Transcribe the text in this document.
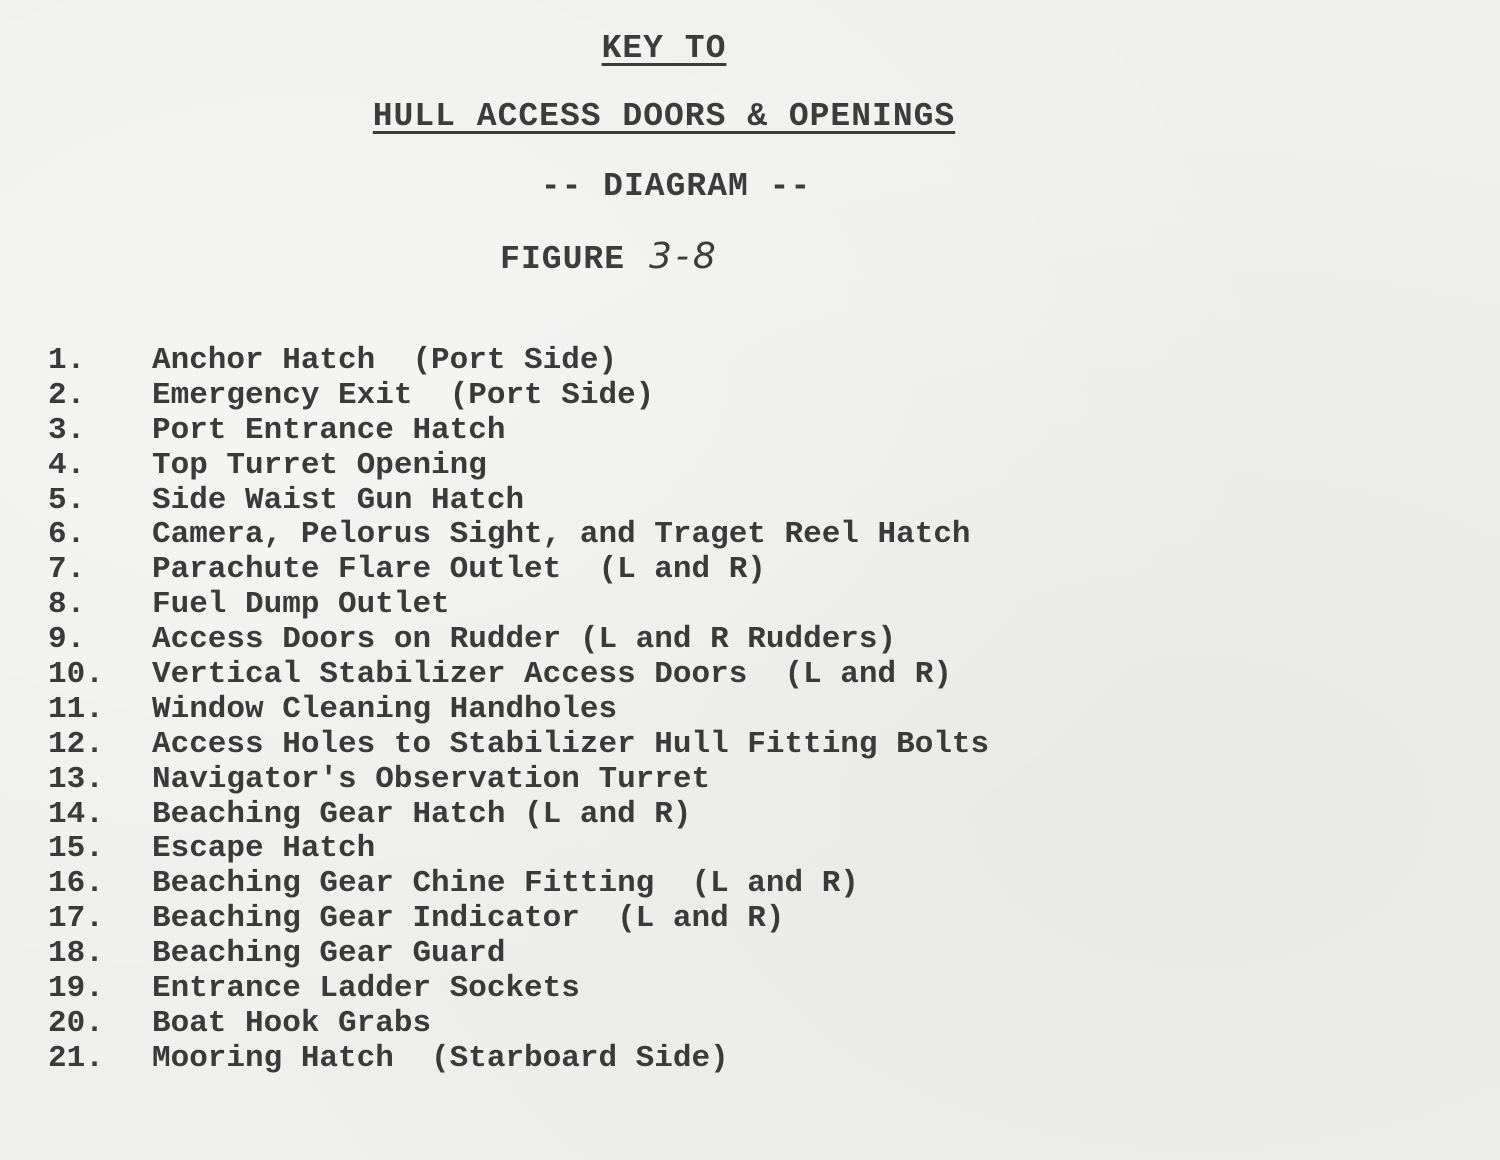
KEY TO
HULL ACCESS DOORS & OPENINGS
-- DIAGRAM --
FIGURE 3-8
1. Anchor Hatch  (Port Side)
2. Emergency Exit  (Port Side)
3. Port Entrance Hatch
4. Top Turret Opening
5. Side Waist Gun Hatch
6. Camera, Pelorus Sight, and Traget Reel Hatch
7. Parachute Flare Outlet  (L and R)
8. Fuel Dump Outlet
9. Access Doors on Rudder (L and R Rudders)
10. Vertical Stabilizer Access Doors  (L and R)
11. Window Cleaning Handholes
12. Access Holes to Stabilizer Hull Fitting Bolts
13. Navigator's Observation Turret
14. Beaching Gear Hatch (L and R)
15. Escape Hatch
16. Beaching Gear Chine Fitting  (L and R)
17. Beaching Gear Indicator  (L and R)
18. Beaching Gear Guard
19. Entrance Ladder Sockets
20. Boat Hook Grabs
21. Mooring Hatch  (Starboard Side)
